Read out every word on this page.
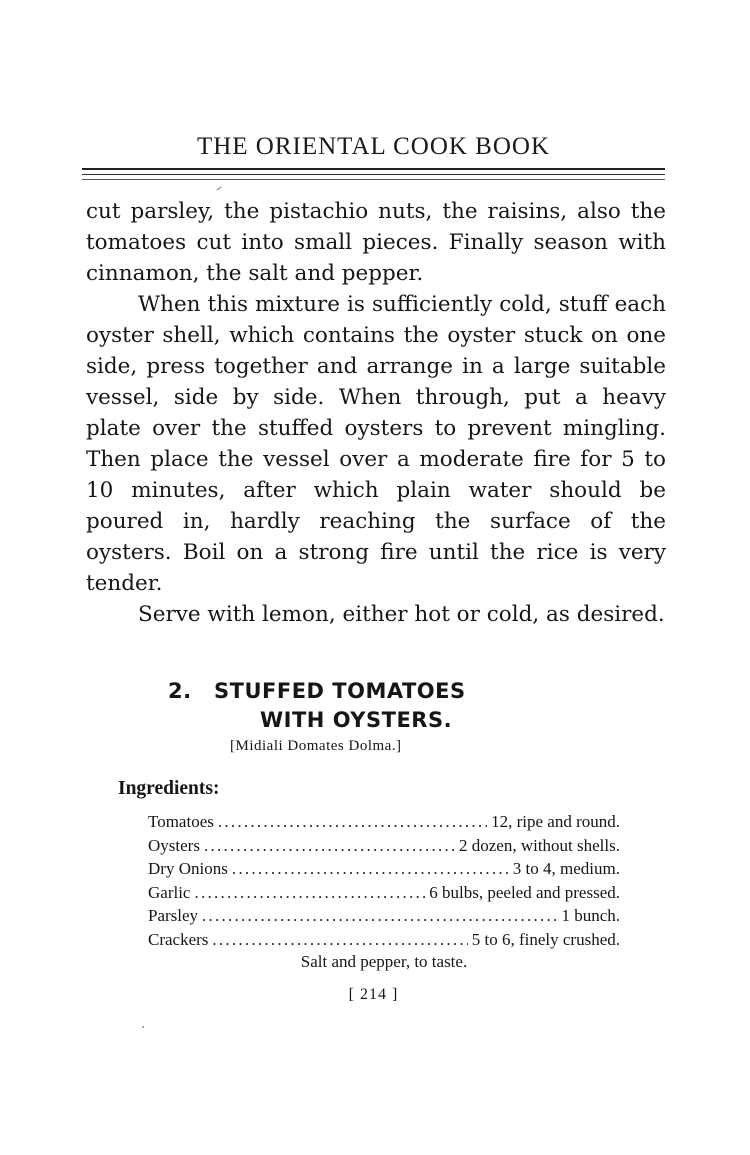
THE ORIENTAL COOK BOOK

cut parsley, the pistachio nuts, the raisins, also the tomatoes cut into small pieces. Finally season with cinnamon, the salt and pepper.

When this mixture is sufficiently cold, stuff each oyster shell, which contains the oyster stuck on one side, press together and arrange in a large suitable vessel, side by side. When through, put a heavy plate over the stuffed oysters to prevent mingling. Then place the vessel over a moderate fire for 5 to 10 minutes, after which plain water should be poured in, hardly reaching the surface of the oysters. Boil on a strong fire until the rice is very tender.

Serve with lemon, either hot or cold, as desired.

2. STUFFED TOMATOES
WITH OYSTERS.
[Midiali Domates Dolma.]
Ingredients:
Tomatoes . . .	12, ripe and round.
Oysters . . .	2 dozen, without shells.
Dry Onions . . .	3 to 4, medium.
Garlic . . .	6 bulbs, peeled and pressed.
Parsley . . .	1 bunch.
Crackers . . .	5 to 6, finely crushed.
Salt and pepper, to taste.
[ 214 ]
